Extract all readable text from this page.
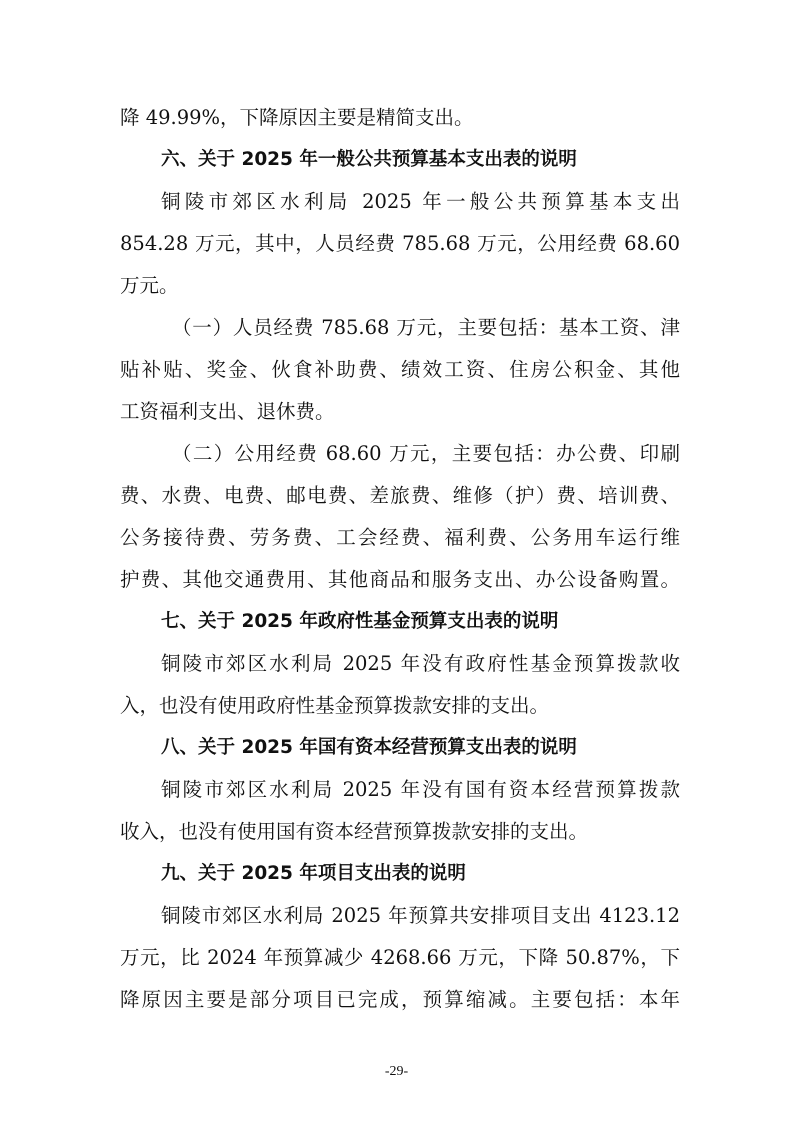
降 49.99%，下降原因主要是精简支出。
六、关于 2025 年一般公共预算基本支出表的说明
铜陵市郊区水利局 2025 年一般公共预算基本支出
854.28 万元，其中，人员经费 785.68 万元，公用经费 68.60
万元。
（一）人员经费 785.68 万元，主要包括：基本工资、津
贴补贴、奖金、伙食补助费、绩效工资、住房公积金、其他
工资福利支出、退休费。
（二）公用经费 68.60 万元，主要包括：办公费、印刷
费、水费、电费、邮电费、差旅费、维修（护）费、培训费、
公务接待费、劳务费、工会经费、福利费、公务用车运行维
护费、其他交通费用、其他商品和服务支出、办公设备购置。
七、关于 2025 年政府性基金预算支出表的说明
铜陵市郊区水利局 2025 年没有政府性基金预算拨款收
入，也没有使用政府性基金预算拨款安排的支出。
八、关于 2025 年国有资本经营预算支出表的说明
铜陵市郊区水利局 2025 年没有国有资本经营预算拨款
收入，也没有使用国有资本经营预算拨款安排的支出。
九、关于 2025 年项目支出表的说明
铜陵市郊区水利局 2025 年预算共安排项目支出 4123.12
万元，比 2024 年预算减少 4268.66 万元，下降 50.87%，下
降原因主要是部分项目已完成，预算缩减。主要包括：本年
-29-
